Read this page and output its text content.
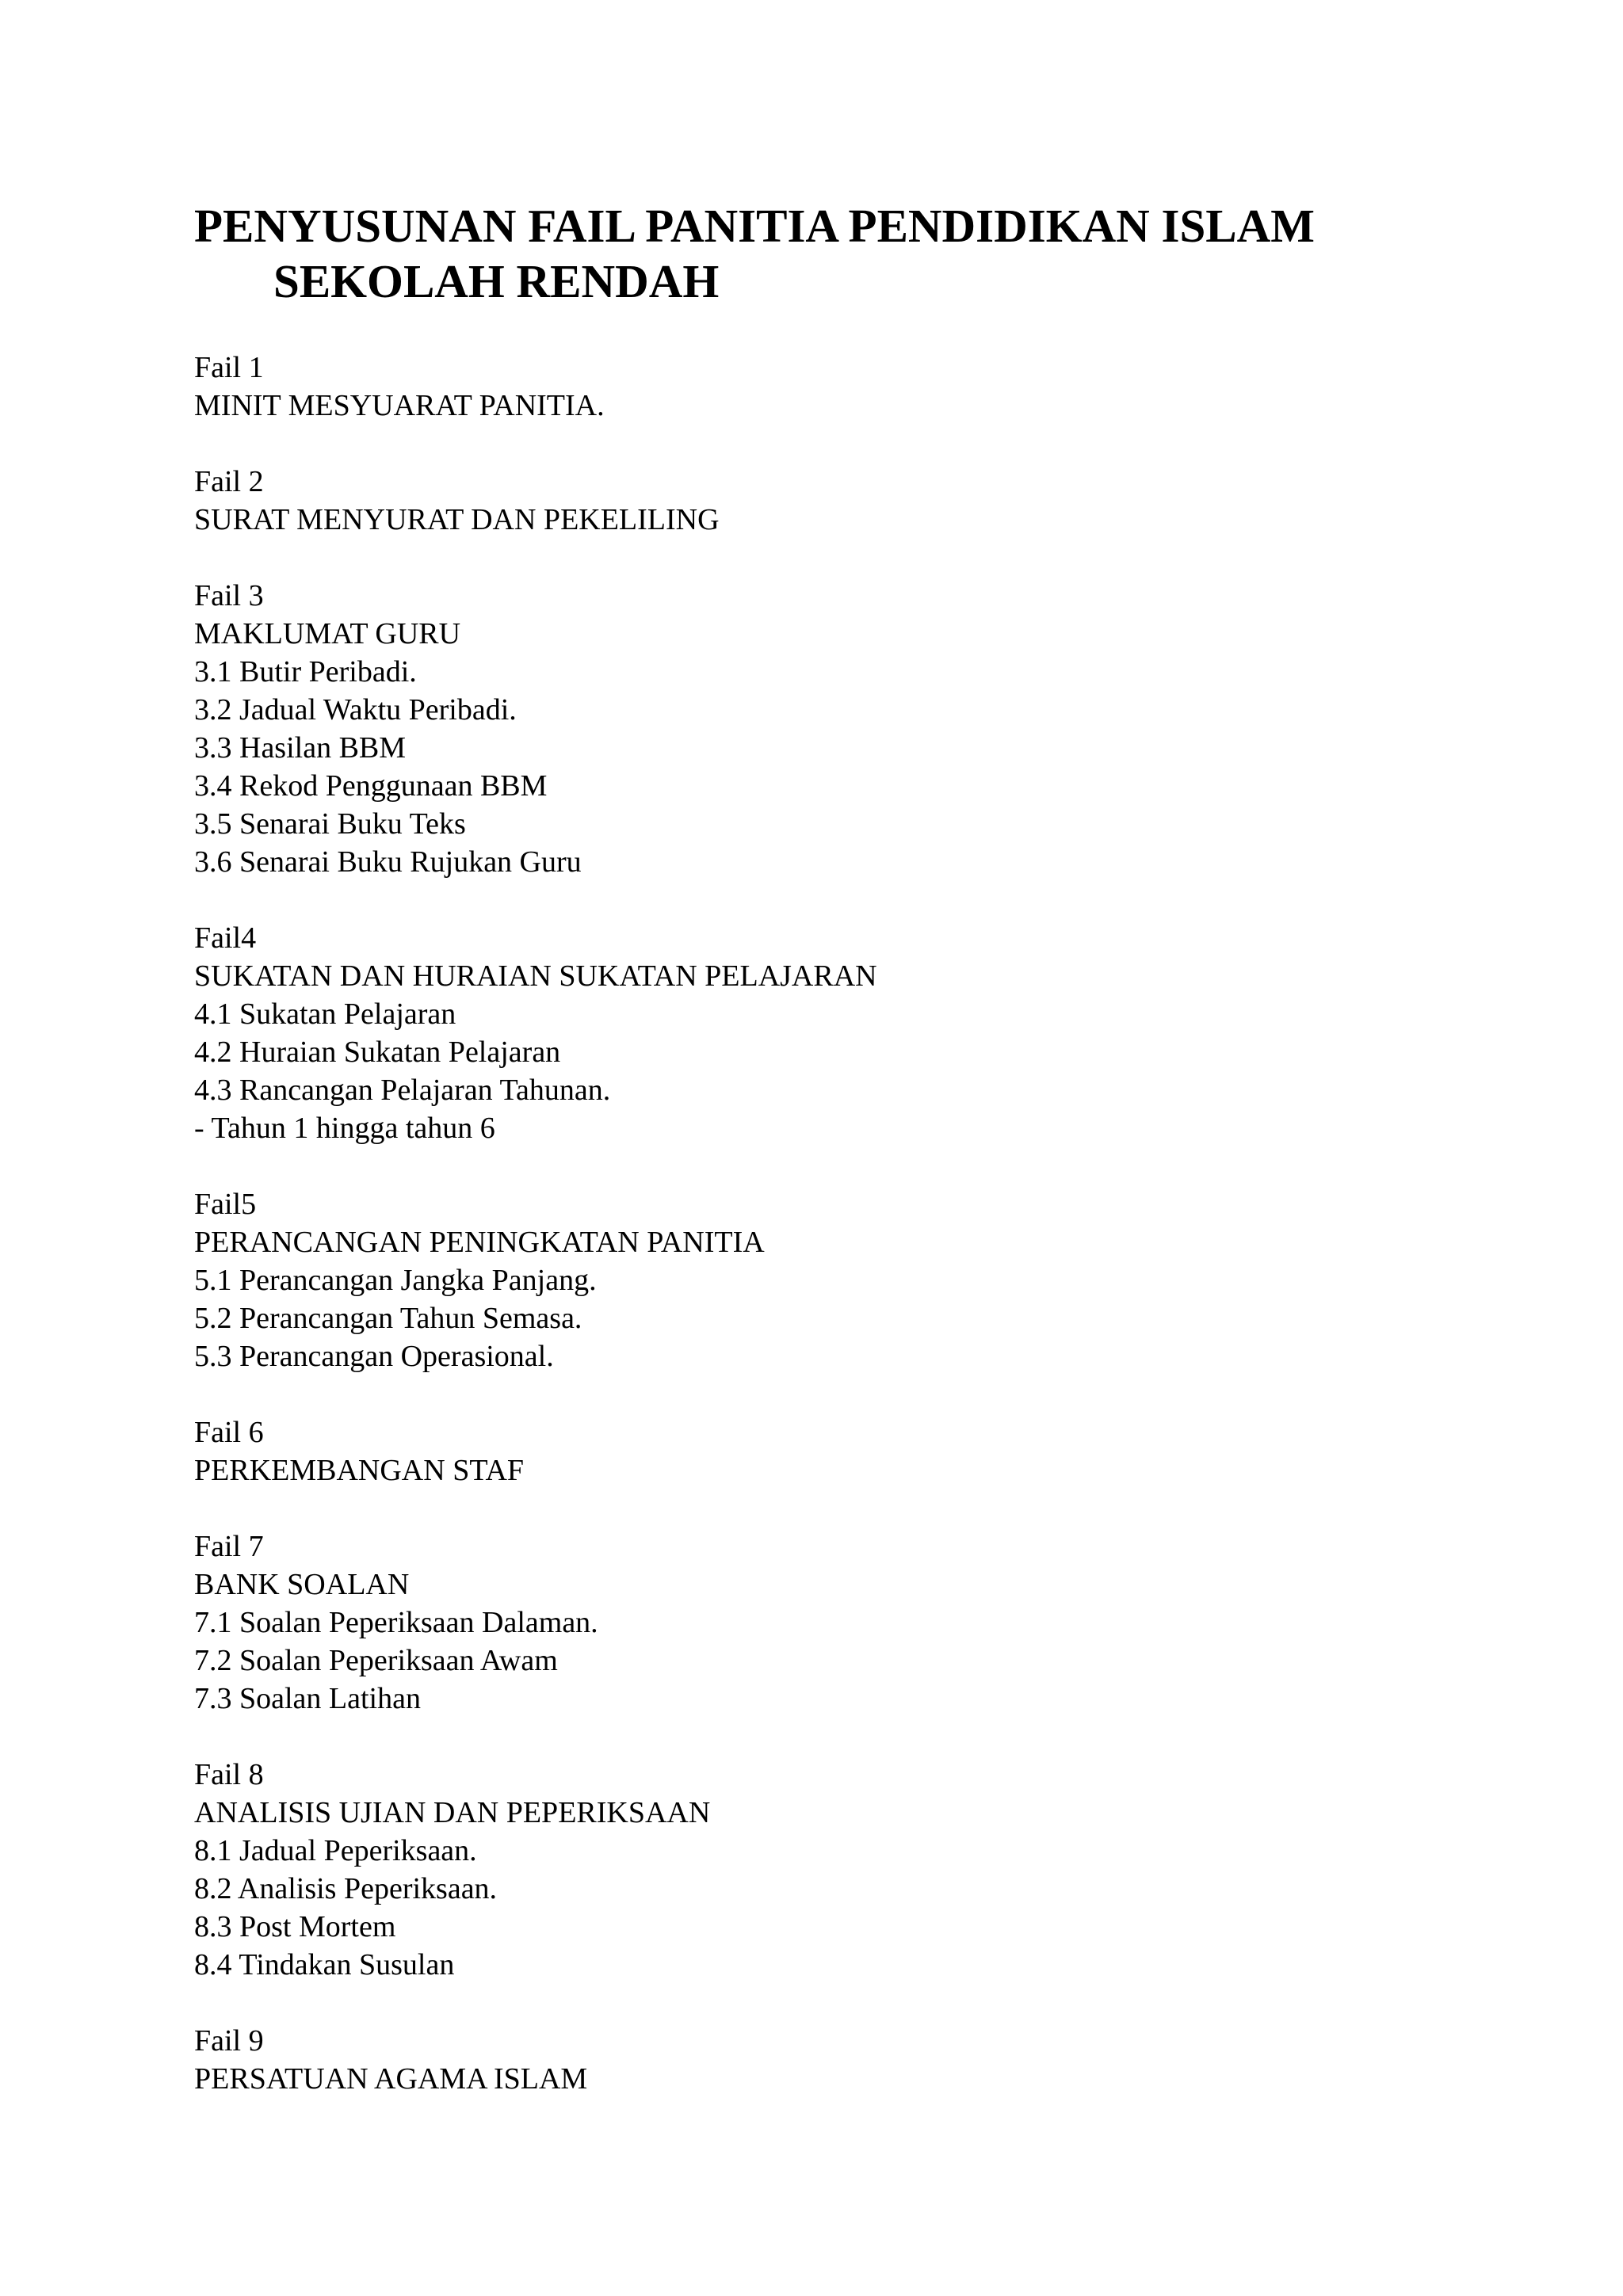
PENYUSUNAN FAIL PANITIA PENDIDIKAN ISLAM
SEKOLAH RENDAH
Fail 1
MINIT MESYUARAT PANITIA.
Fail 2
SURAT MENYURAT DAN PEKELILING
Fail 3
MAKLUMAT GURU
3.1 Butir Peribadi.
3.2 Jadual Waktu Peribadi.
3.3 Hasilan BBM
3.4 Rekod Penggunaan BBM
3.5 Senarai Buku Teks
3.6 Senarai Buku Rujukan Guru
Fail4
SUKATAN DAN HURAIAN SUKATAN PELAJARAN
4.1 Sukatan Pelajaran
4.2 Huraian Sukatan Pelajaran
4.3 Rancangan Pelajaran Tahunan.
- Tahun 1 hingga tahun 6
Fail5
PERANCANGAN PENINGKATAN PANITIA
5.1 Perancangan Jangka Panjang.
5.2 Perancangan Tahun Semasa.
5.3 Perancangan Operasional.
Fail 6
PERKEMBANGAN STAF
Fail 7
BANK SOALAN
7.1 Soalan Peperiksaan Dalaman.
7.2 Soalan Peperiksaan Awam
7.3 Soalan Latihan
Fail 8
ANALISIS UJIAN DAN PEPERIKSAAN
8.1 Jadual Peperiksaan.
8.2 Analisis Peperiksaan.
8.3 Post Mortem
8.4 Tindakan Susulan
Fail 9
PERSATUAN AGAMA ISLAM
